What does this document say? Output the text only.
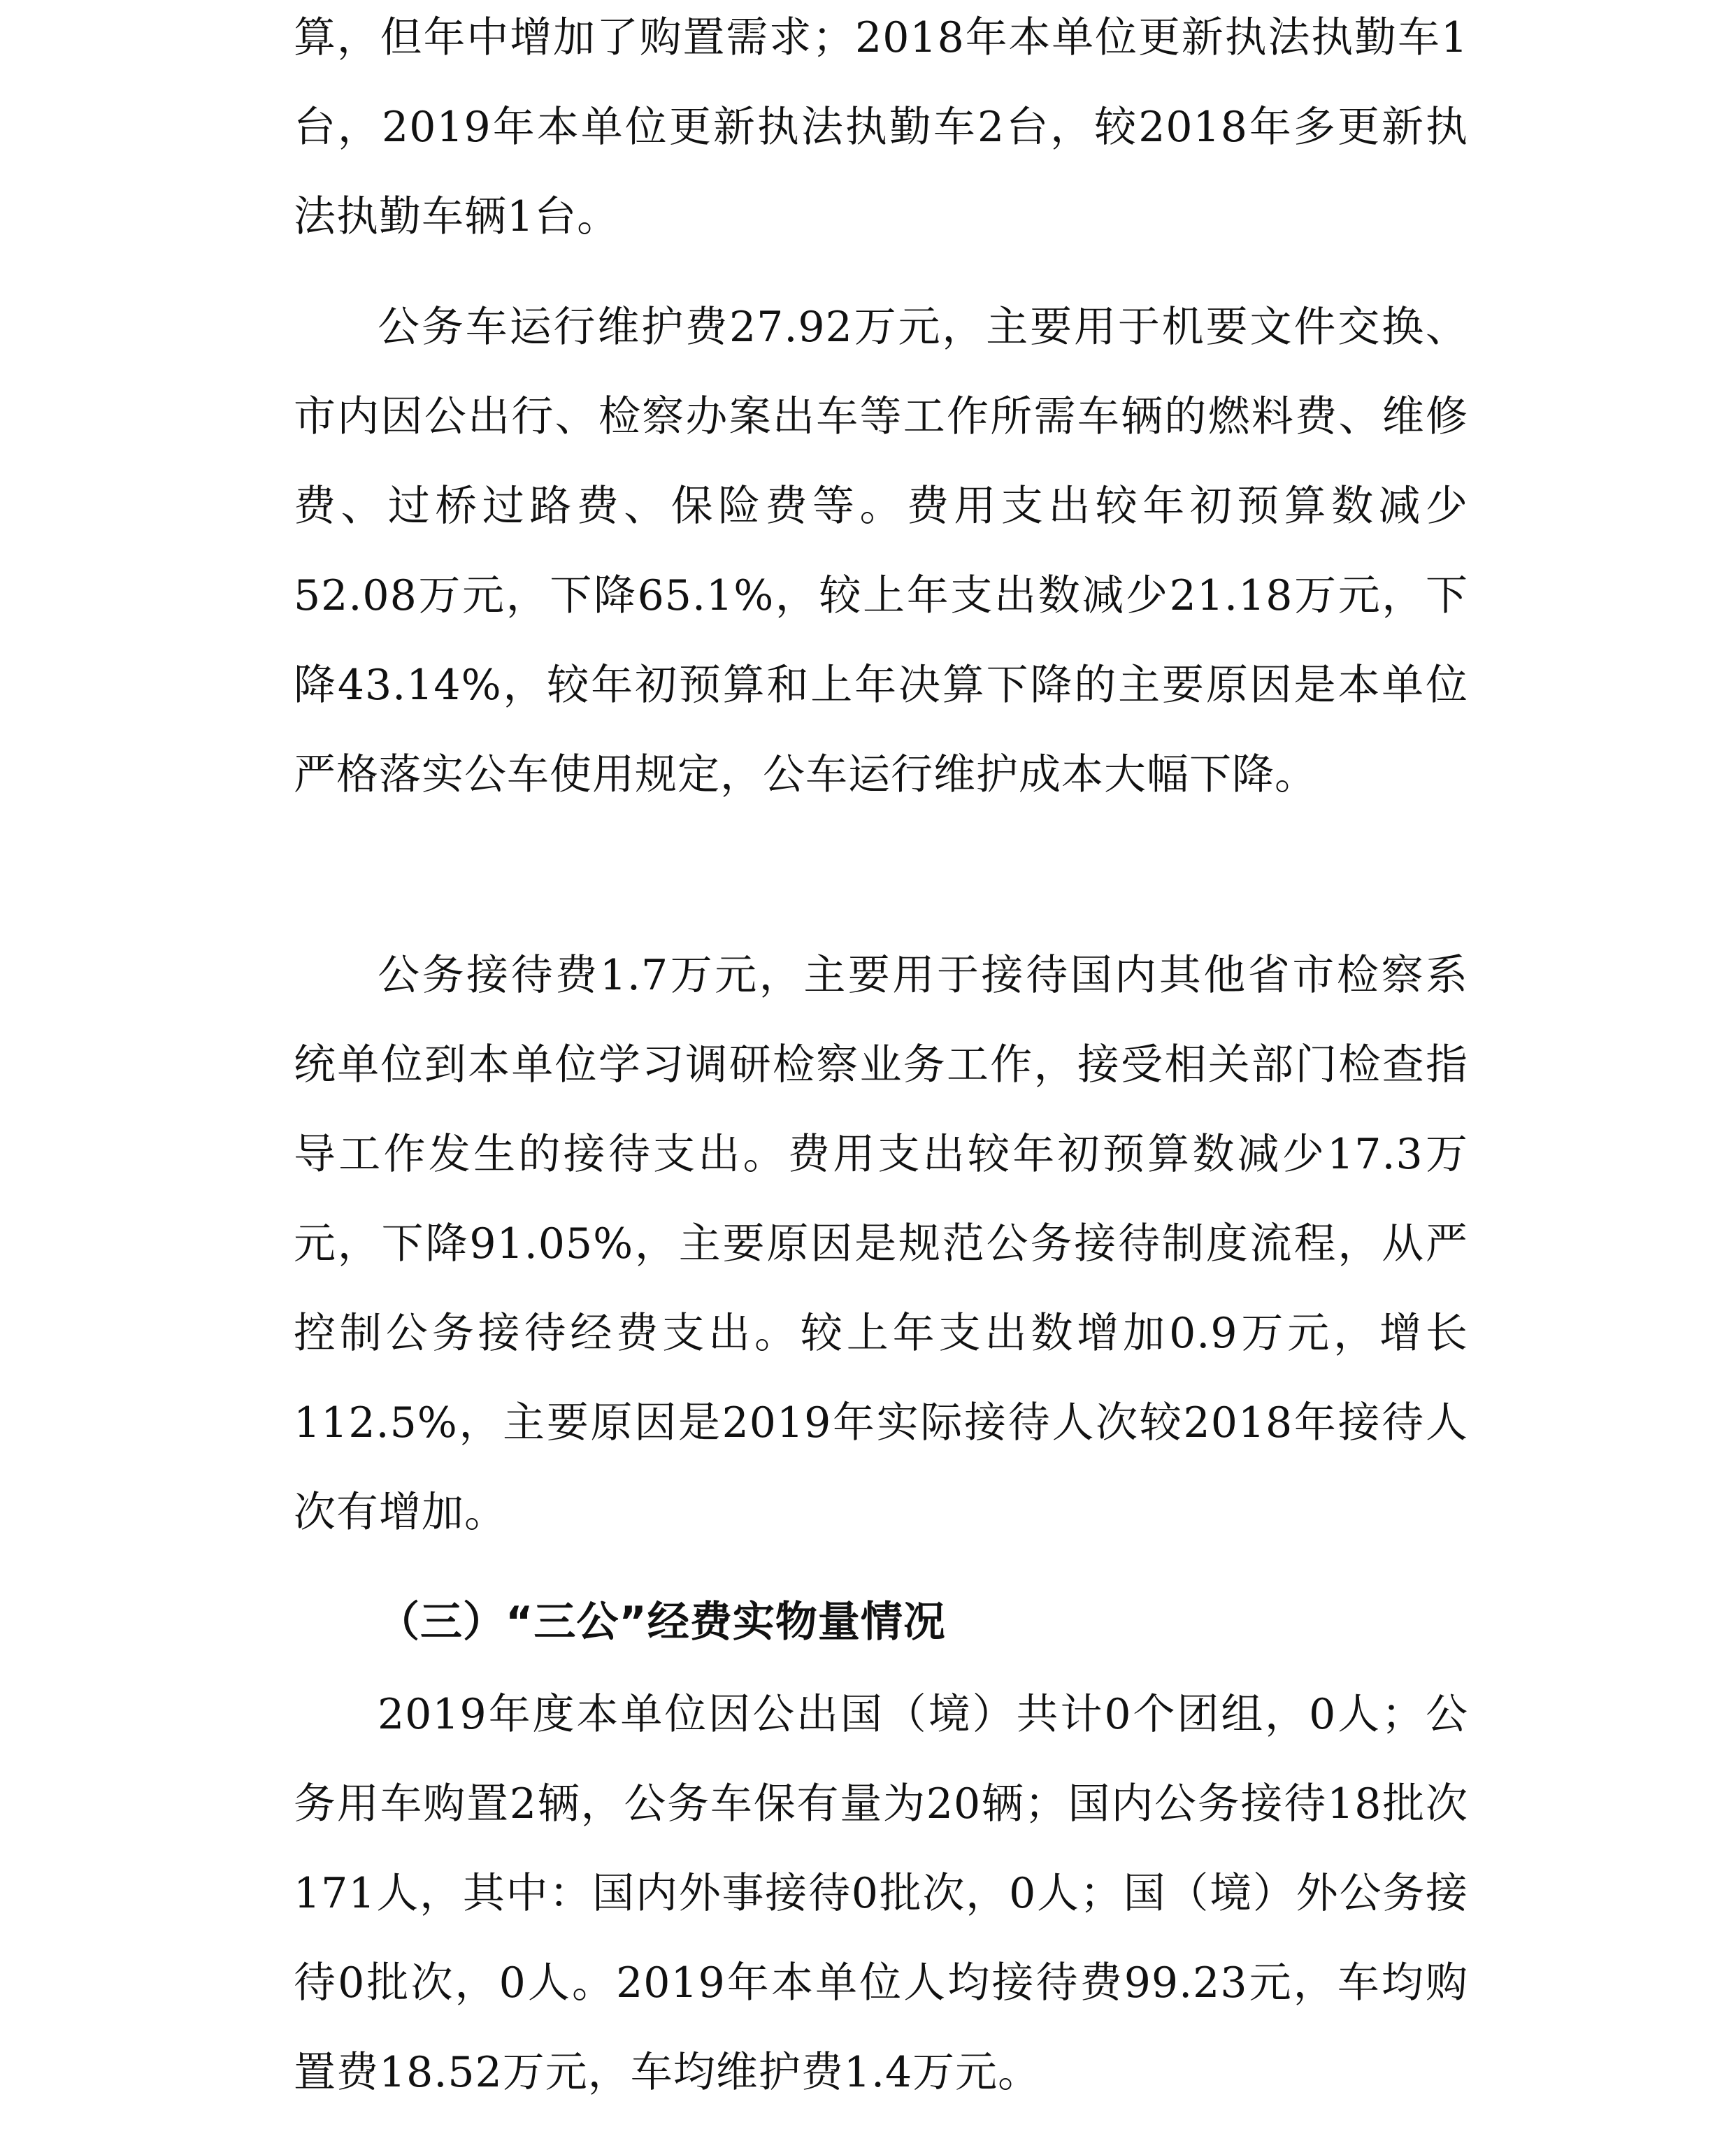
算，但年中增加了购置需求；2018年本单位更新执法执勤车1台，2019年本单位更新执法执勤车2台，较2018年多更新执法执勤车辆1台。

公务车运行维护费27.92万元，主要用于机要文件交换、市内因公出行、检察办案出车等工作所需车辆的燃料费、维修费、过桥过路费、保险费等。费用支出较年初预算数减少52.08万元，下降65.1%，较上年支出数减少21.18万元，下降43.14%，较年初预算和上年决算下降的主要原因是本单位严格落实公车使用规定，公车运行维护成本大幅下降。

公务接待费1.7万元，主要用于接待国内其他省市检察系统单位到本单位学习调研检察业务工作，接受相关部门检查指导工作发生的接待支出。费用支出较年初预算数减少17.3万元，下降91.05%，主要原因是规范公务接待制度流程，从严控制公务接待经费支出。较上年支出数增加0.9万元，增长112.5%，主要原因是2019年实际接待人次较2018年接待人次有增加。

（三）“三公”经费实物量情况

2019年度本单位因公出国（境）共计0个团组，0人；公务用车购置2辆，公务车保有量为20辆；国内公务接待18批次171人，其中：国内外事接待0批次，0人；国（境）外公务接待0批次，0人。2019年本单位人均接待费99.23元，车均购置费18.52万元，车均维护费1.4万元。
